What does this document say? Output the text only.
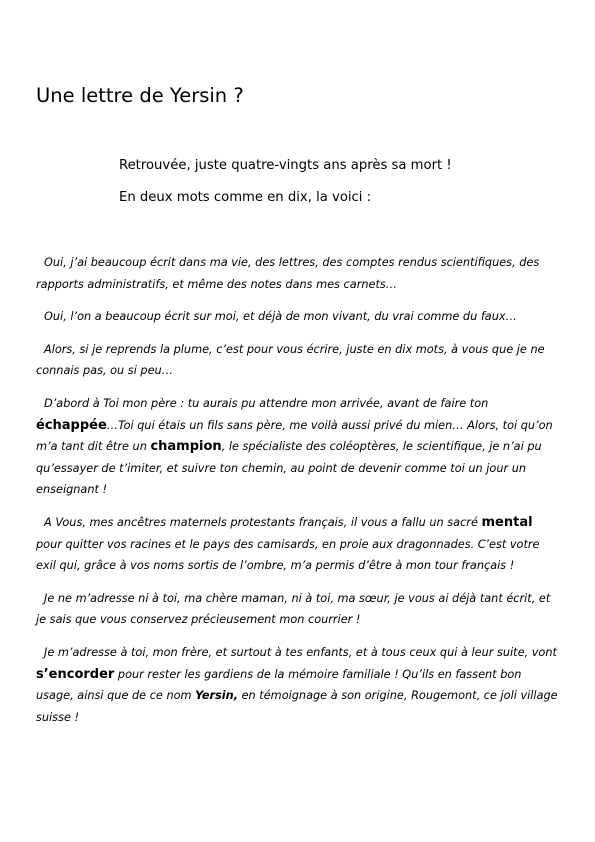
Une lettre de Yersin ?

Retrouvée, juste quatre-vingts ans après sa mort !

En deux mots comme en dix, la voici :

Oui, j’ai beaucoup écrit dans ma vie, des lettres, des comptes rendus scientifiques, des rapports administratifs, et même des notes dans mes carnets…

Oui, l’on a beaucoup écrit sur moi, et déjà de mon vivant, du vrai comme du faux…

Alors, si je reprends la plume, c’est pour vous écrire, juste en dix mots, à vous que je ne connais pas, ou si peu…

D’abord à Toi mon père : tu aurais pu attendre mon arrivée, avant de faire ton échappée…Toi qui étais un fils sans père, me voilà aussi privé du mien… Alors, toi qu’on m’a tant dit être un champion, le spécialiste des coléoptères, le scientifique, je n’ai pu qu’essayer de t’imiter, et suivre ton chemin, au point de devenir comme toi un jour un enseignant !

A Vous, mes ancêtres maternels protestants français, il vous a fallu un sacré mental pour quitter vos racines et le pays des camisards, en proie aux dragonnades. C’est votre exil qui, grâce à vos noms sortis de l’ombre, m’a permis d’être à mon tour français !

Je ne m’adresse ni à toi, ma chère maman, ni à toi, ma sœur, je vous ai déjà tant écrit, et je sais que vous conservez précieusement mon courrier !

Je m’adresse à toi, mon frère, et surtout à tes enfants, et à tous ceux qui à leur suite, vont s’encorder pour rester les gardiens de la mémoire familiale ! Qu’ils en fassent bon usage, ainsi que de ce nom Yersin, en témoignage à son origine, Rougemont, ce joli village suisse !
